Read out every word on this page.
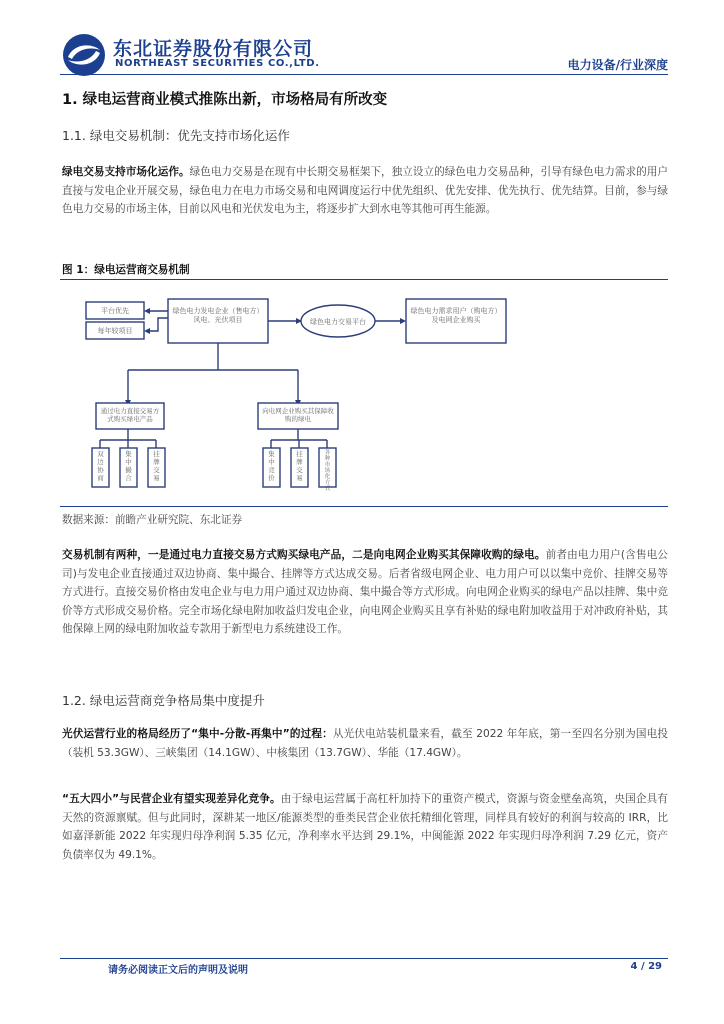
东北证券股份有限公司
NORTHEAST SECURITIES CO.,LTD.	电力设备/行业深度
1. 绿电运营商业模式推陈出新，市场格局有所改变
1.1. 绿电交易机制：优先支持市场化运作
绿电交易支持市场化运作。绿色电力交易是在现有中长期交易框架下，独立设立的绿色电力交易品种，引导有绿色电力需求的用户直接与发电企业开展交易，绿色电力在电力市场交易和电网调度运行中优先组织、优先安排、优先执行、优先结算。目前，参与绿色电力交易的市场主体，目前以风电和光伏发电为主，将逐步扩大到水电等其他可再生能源。
图 1：绿电运营商交易机制
平台优先
每年较项目
绿色电力发电企业（售电方） 风电、光伏项目	绿色电力交易平台
绿色电力需求用户（购电方） 及电网企业购买
通过电力直接交易方式购买绿电产品
向电网企业购买其保障收购的绿电
双边协商
集中撮合
挂牌交易
集中竞价
挂牌交易
各种市场化方式
数据来源：前瞻产业研究院、东北证券
交易机制有两种，一是通过电力直接交易方式购买绿电产品，二是向电网企业购买其保障收购的绿电。前者由电力用户(含售电公司)与发电企业直接通过双边协商、集中撮合、挂牌等方式达成交易。后者省级电网企业、电力用户可以以集中竞价、挂牌交易等方式进行。直接交易价格由发电企业与电力用户通过双边协商、集中撮合等方式形成。向电网企业购买的绿电产品以挂牌、集中竞价等方式形成交易价格。完全市场化绿电附加收益归发电企业，向电网企业购买且享有补贴的绿电附加收益用于对冲政府补贴，其他保障上网的绿电附加收益专款用于新型电力系统建设工作。
1.2. 绿电运营商竞争格局集中度提升
光伏运营行业的格局经历了“集中-分散-再集中”的过程：从光伏电站装机量来看，截至 2022 年年底，第一至四名分别为国电投（装机 53.3GW）、三峡集团（14.1GW）、中核集团（13.7GW）、华能（17.4GW）。
“五大四小”与民营企业有望实现差异化竞争。由于绿电运营属于高杠杆加持下的重资产模式，资源与资金壁垒高筑，央国企具有天然的资源禀赋。但与此同时，深耕某一地区/能源类型的垂类民营企业依托精细化管理，同样具有较好的利润与较高的 IRR，比如嘉泽新能 2022 年实现归母净利润 5.35 亿元，净利率水平达到 29.1%，中闽能源 2022 年实现归母净利润 7.29 亿元，资产负债率仅为 49.1%。
请务必阅读正文后的声明及说明	4 / 29
